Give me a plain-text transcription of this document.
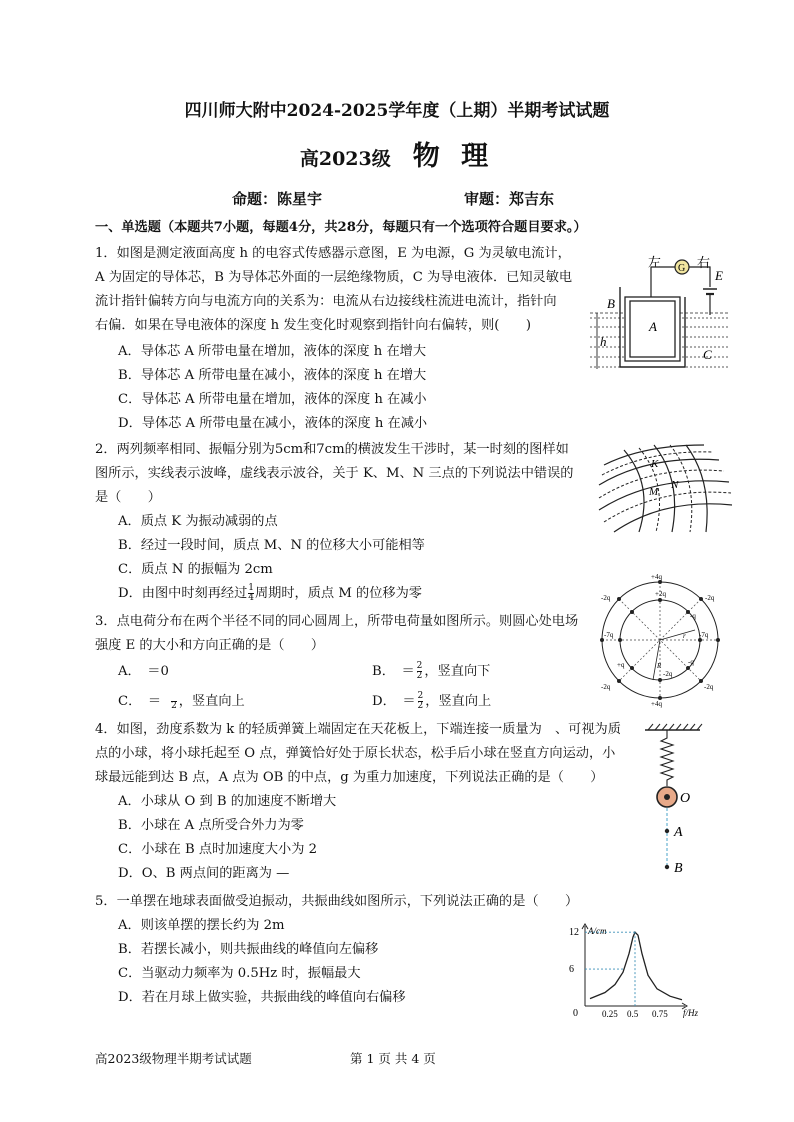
四川师大附中2024-2025学年度（上期）半期考试试题
高2023级 物 理
命题：陈星宇	审题：郑吉东
一、单选题（本题共7小题，每题4分，共28分，每题只有一个选项符合题目要求。）
1．如图是测定液面高度 h 的电容式传感器示意图，E 为电源，G 为灵敏电流计，
A 为固定的导体芯，B 为导体芯外面的一层绝缘物质，C 为导电液体．已知灵敏电
流计指针偏转方向与电流方向的关系为：电流从右边接线柱流进电流计，指针向
右偏．如果在导电液体的深度 h 发生变化时观察到指针向右偏转，则(　　)
A．导体芯 A 所带电量在增加，液体的深度 h 在增大
B．导体芯 A 所带电量在减小，液体的深度 h 在增大
C．导体芯 A 所带电量在增加，液体的深度 h 在减小
D．导体芯 A 所带电量在减小，液体的深度 h 在减小
左	右
G E
A
B
C
h
2．两列频率相同、振幅分别为5cm和7cm的横波发生干涉时，某一时刻的图样如
图所示，实线表示波峰，虚线表示波谷，关于 K、M、N 三点的下列说法中错误的
是（　　）
A．质点 K 为振动减弱的点
B．经过一段时间，质点 M、N 的位移大小可能相等
C．质点 N 的振幅为 2cm
D．由图中时刻再经过 $\frac{1}{4}$ 周期时，质点 M 的位移为零
K
M
N
3．点电荷分布在两个半径不同的同心圆周上，所带电荷量如图所示。则圆心处电场
强度 E 的大小和方向正确的是（　　）
A．　＝0	B．　＝ $\frac{2}{2}$ ，竖直向下
C．　＝
2 ，竖直向上	D．　＝ $\frac{2}{2}$ ，竖直向上
+4q
+2q
-2q	-2q
-7q	-7q
-2q	-2q
-q
+q	-q
+4q
-2q
r
R
4．如图，劲度系数为 k 的轻质弹簧上端固定在天花板上，下端连接一质量为　、可视为质
点的小球，将小球托起至 O 点，弹簧恰好处于原长状态，松手后小球在竖直方向运动，小
球最远能到达 B 点，A 点为 OB 的中点，g 为重力加速度，下列说法正确的是（　　）
A．小球从 O 到 B 的加速度不断增大
B．小球在 A 点所受合外力为零
C．小球在 B 点时加速度大小为 2
D．O、B 两点间的距离为 —
O
A
B
5．一单摆在地球表面做受迫振动，共振曲线如图所示，下列说法正确的是（　　）
A．则该单摆的摆长约为 2m
B．若摆长减小，则共振曲线的峰值向左偏移
C．当驱动力频率为 0.5Hz 时，振幅最大
D．若在月球上做实验，共振曲线的峰值向右偏移
A/cm
f/Hz
0	0.25 0.5 0.75
6
12
高2023级物理半期考试试题	第 1 页 共 4 页
